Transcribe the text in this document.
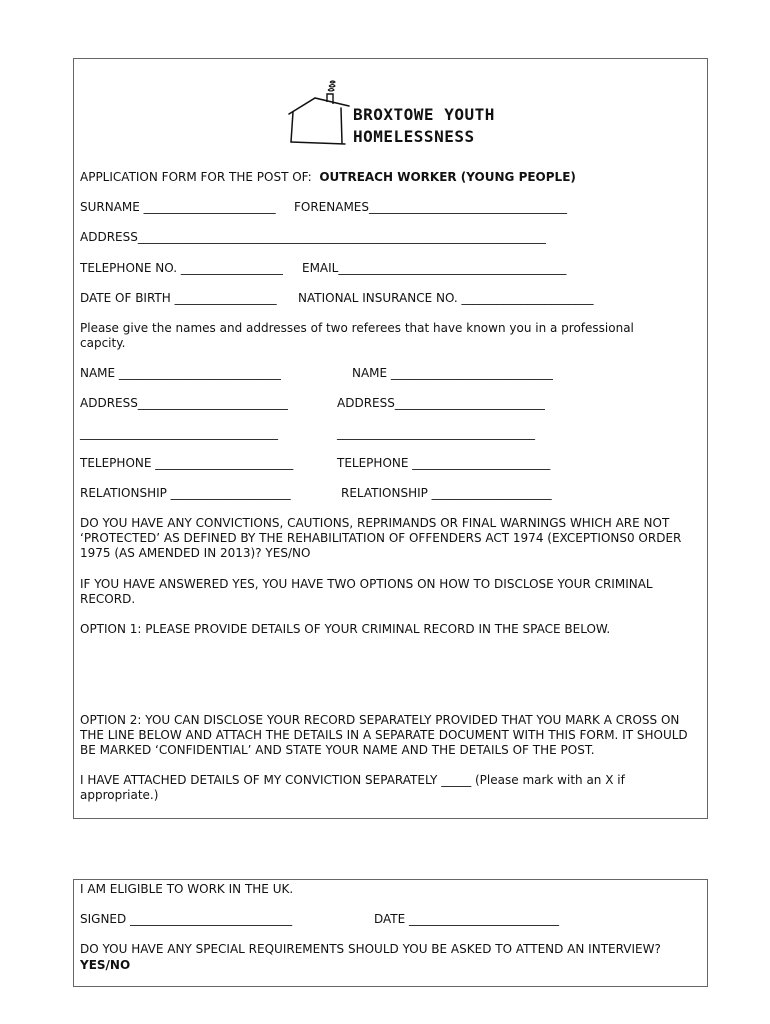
BROXTOWE YOUTH
HOMELESSNESS
APPLICATION FORM FOR THE POST OF: OUTREACH WORKER (YOUNG PEOPLE)
SURNAME ______________________ FORENAMES_________________________________
ADDRESS____________________________________________________________________
TELEPHONE NO. _________________ EMAIL______________________________________
DATE OF BIRTH _________________ NATIONAL INSURANCE NO. ______________________
Please give the names and addresses of two referees that have known you in a professional capcity.
NAME ___________________________
ADDRESS_________________________
_________________________________
TELEPHONE _______________________
RELATIONSHIP ____________________
NAME ___________________________
ADDRESS_________________________
_________________________________
TELEPHONE _______________________
RELATIONSHIP ____________________
DO YOU HAVE ANY CONVICTIONS, CAUTIONS, REPRIMANDS OR FINAL WARNINGS WHICH ARE NOT ‘PROTECTED’ AS DEFINED BY THE REHABILITATION OF OFFENDERS ACT 1974 (EXCEPTIONS0 ORDER 1975 (AS AMENDED IN 2013)? YES/NO
IF YOU HAVE ANSWERED YES, YOU HAVE TWO OPTIONS ON HOW TO DISCLOSE YOUR CRIMINAL RECORD.
OPTION 1: PLEASE PROVIDE DETAILS OF YOUR CRIMINAL RECORD IN THE SPACE BELOW.
OPTION 2: YOU CAN DISCLOSE YOUR RECORD SEPARATELY PROVIDED THAT YOU MARK A CROSS ON THE LINE BELOW AND ATTACH THE DETAILS IN A SEPARATE DOCUMENT WITH THIS FORM. IT SHOULD BE MARKED ‘CONFIDENTIAL’ AND STATE YOUR NAME AND THE DETAILS OF THE POST.
I HAVE ATTACHED DETAILS OF MY CONVICTION SEPARATELY _____ (Please mark with an X if appropriate.)
I AM ELIGIBLE TO WORK IN THE UK.
SIGNED ___________________________	DATE _________________________
DO YOU HAVE ANY SPECIAL REQUIREMENTS SHOULD YOU BE ASKED TO ATTEND AN INTERVIEW?
YES/NO
